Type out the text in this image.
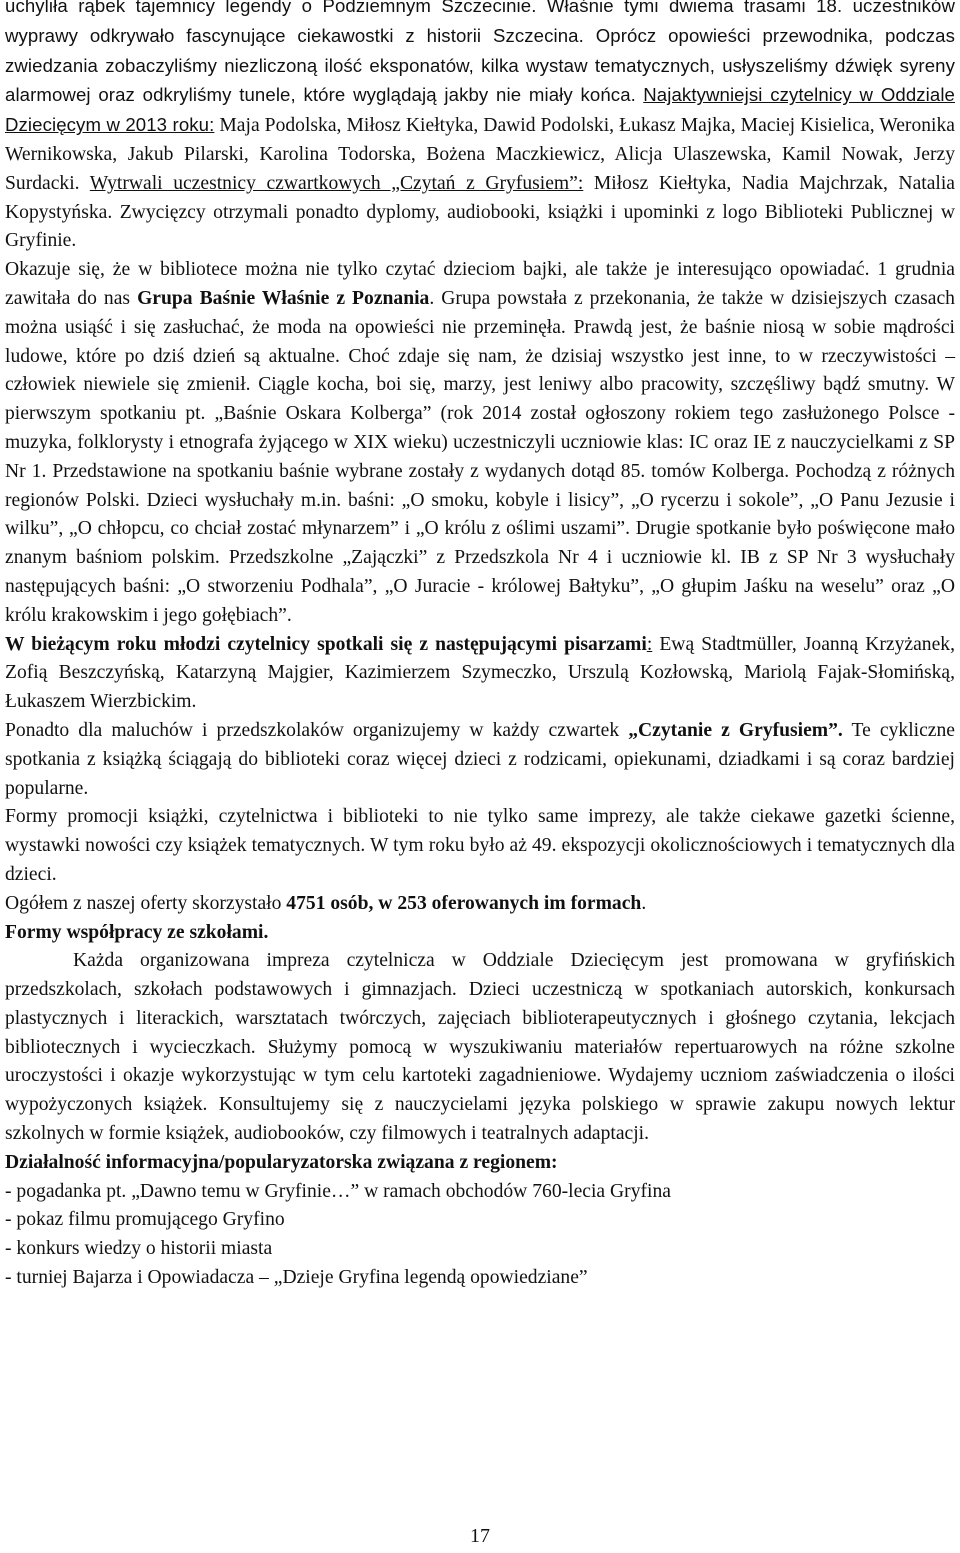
uchyliła rąbek tajemnicy legendy o Podziemnym Szczecinie. Właśnie tymi dwiema trasami 18. uczestników wyprawy odkrywało fascynujące ciekawostki z historii Szczecina. Oprócz opowieści przewodnika, podczas zwiedzania zobaczyliśmy niezliczoną ilość eksponatów, kilka wystaw tematycznych, usłyszeliśmy dźwięk syreny alarmowej oraz odkryliśmy tunele, które wyglądają jakby nie miały końca. Najaktywniejsi czytelnicy w Oddziale Dziecięcym w 2013 roku: Maja Podolska, Miłosz Kiełtyka, Dawid Podolski, Łukasz Majka, Maciej Kisielica, Weronika Wernikowska, Jakub Pilarski, Karolina Todorska, Bożena Maczkiewicz, Alicja Ulaszewska, Kamil Nowak, Jerzy Surdacki. Wytrwali uczestnicy czwartkowych „Czytań z Gryfusiem”: Miłosz Kiełtyka, Nadia Majchrzak, Natalia Kopystyńska. Zwycięzcy otrzymali ponadto dyplomy, audiobooki, książki i upominki z logo Biblioteki Publicznej w Gryfinie.

Okazuje się, że w bibliotece można nie tylko czytać dzieciom bajki, ale także je interesująco opowiadać. 1 grudnia zawitała do nas Grupa Baśnie Właśnie z Poznania. Grupa powstała z przekonania, że także w dzisiejszych czasach można usiąść i się zasłuchać, że moda na opowieści nie przeminęła. Prawdą jest, że baśnie niosą w sobie mądrości ludowe, które po dziś dzień są aktualne. Choć zdaje się nam, że dzisiaj wszystko jest inne, to w rzeczywistości – człowiek niewiele się zmienił. Ciągle kocha, boi się, marzy, jest leniwy albo pracowity, szczęśliwy bądź smutny. W pierwszym spotkaniu pt. „Baśnie Oskara Kolberga” (rok 2014 został ogłoszony rokiem tego zasłużonego Polsce - muzyka, folklorysty i etnografa żyjącego w XIX wieku) uczestniczyli uczniowie klas: IC oraz IE z nauczycielkami z SP Nr 1. Przedstawione na spotkaniu baśnie wybrane zostały z wydanych dotąd 85. tomów Kolberga. Pochodzą z różnych regionów Polski. Dzieci wysłuchały m.in. baśni: „O smoku, kobyle i lisicy”, „O rycerzu i sokole”, „O Panu Jezusie i wilku”, „O chłopcu, co chciał zostać młynarzem” i „O królu z oślimi uszami”. Drugie spotkanie było poświęcone mało znanym baśniom polskim. Przedszkolne „Zajączki” z Przedszkola Nr 4 i uczniowie kl. IB z SP Nr 3 wysłuchały następujących baśni: „O stworzeniu Podhala”, „O Juracie - królowej Bałtyku”, „O głupim Jaśku na weselu” oraz „O królu krakowskim i jego gołębiach”.

W bieżącym roku młodzi czytelnicy spotkali się z następującymi pisarzami: Ewą Stadtmüller, Joanną Krzyżanek, Zofią Beszczyńską, Katarzyną Majgier, Kazimierzem Szymeczko, Urszulą Kozłowską, Mariolą Fajak-Słomińską, Łukaszem Wierzbickim.

Ponadto dla maluchów i przedszkolaków organizujemy w każdy czwartek „Czytanie z Gryfusiem”. Te cykliczne spotkania z książką ściągają do biblioteki coraz więcej dzieci z rodzicami, opiekunami, dziadkami i są coraz bardziej popularne.

Formy promocji książki, czytelnictwa i biblioteki to nie tylko same imprezy, ale także ciekawe gazetki ścienne, wystawki nowości czy książek tematycznych. W tym roku było aż 49. ekspozycji okolicznościowych i tematycznych dla dzieci.

Ogółem z naszej oferty skorzystało 4751 osób, w 253 oferowanych im formach.

Formy współpracy ze szkołami.

Każda organizowana impreza czytelnicza w Oddziale Dziecięcym jest promowana w gryfińskich przedszkolach, szkołach podstawowych i gimnazjach. Dzieci uczestniczą w spotkaniach autorskich, konkursach plastycznych i literackich, warsztatach twórczych, zajęciach biblioterapeutycznych i głośnego czytania, lekcjach bibliotecznych i wycieczkach. Służymy pomocą w wyszukiwaniu materiałów repertuarowych na różne szkolne uroczystości i okazje wykorzystując w tym celu kartoteki zagadnieniowe. Wydajemy uczniom zaświadczenia o ilości wypożyczonych książek. Konsultujemy się z nauczycielami języka polskiego w sprawie zakupu nowych lektur szkolnych w formie książek, audiobooków, czy filmowych i teatralnych adaptacji.

Działalność informacyjna/popularyzatorska związana z regionem:

- pogadanka pt. „Dawno temu w Gryfinie…” w ramach obchodów 760-lecia Gryfina

- pokaz filmu promującego Gryfino

- konkurs wiedzy o historii miasta

- turniej Bajarza i Opowiadacza – „Dzieje Gryfina legendą opowiedziane”

17
